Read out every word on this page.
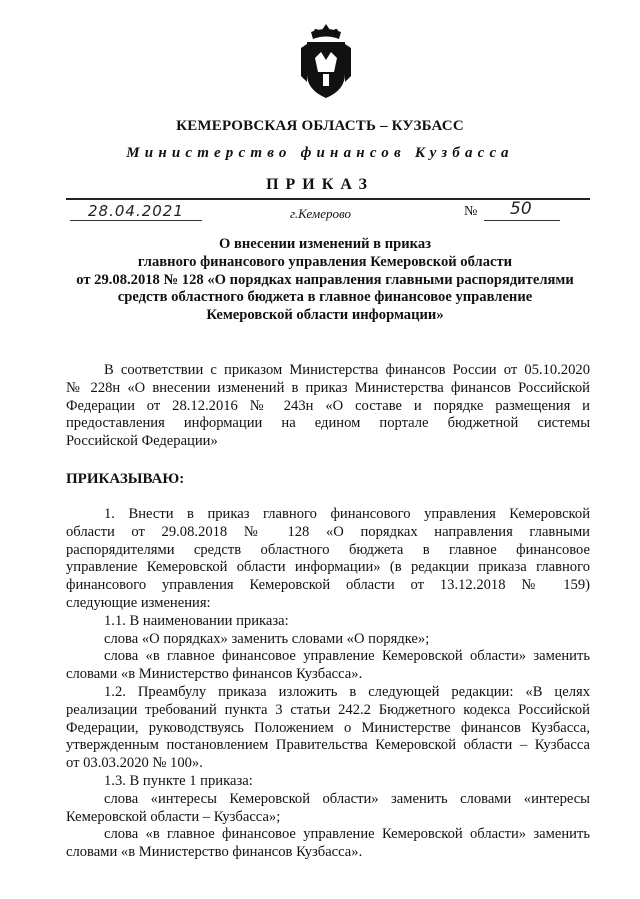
КЕМЕРОВСКАЯ ОБЛАСТЬ – КУЗБАСС
Министерство финансов Кузбасса
ПРИКАЗ
28.04.2021	г.Кемерово	№ 50
О внесении изменений в приказ
главного финансового управления Кемеровской области
от 29.08.2018 № 128 «О порядках направления главными распорядителями
средств областного бюджета в главное финансовое управление
Кемеровской области информации»
В соответствии с приказом Министерства финансов России от 05.10.2020
№ 228н «О внесении изменений в приказ Министерства финансов Российской
Федерации от 28.12.2016 № 243н «О составе и порядке размещения и
предоставления информации на едином портале бюджетной системы
Российской Федерации»
ПРИКАЗЫВАЮ:
1. Внести в приказ главного финансового управления Кемеровской
области от 29.08.2018 № 128 «О порядках направления главными
распорядителями средств областного бюджета в главное финансовое
управление Кемеровской области информации» (в редакции приказа главного
финансового управления Кемеровской области от 13.12.2018 № 159)
следующие изменения:
1.1. В наименовании приказа:
слова «О порядках» заменить словами «О порядке»;
слова «в главное финансовое управление Кемеровской области» заменить
словами «в Министерство финансов Кузбасса».
1.2. Преамбулу приказа изложить в следующей редакции: «В целях
реализации требований пункта 3 статьи 242.2 Бюджетного кодекса Российской
Федерации, руководствуясь Положением о Министерстве финансов Кузбасса,
утвержденным постановлением Правительства Кемеровской области – Кузбасса
от 03.03.2020 № 100».
1.3. В пункте 1 приказа:
слова «интересы Кемеровской области» заменить словами «интересы
Кемеровской области – Кузбасса»;
слова «в главное финансовое управление Кемеровской области» заменить
словами «в Министерство финансов Кузбасса».
